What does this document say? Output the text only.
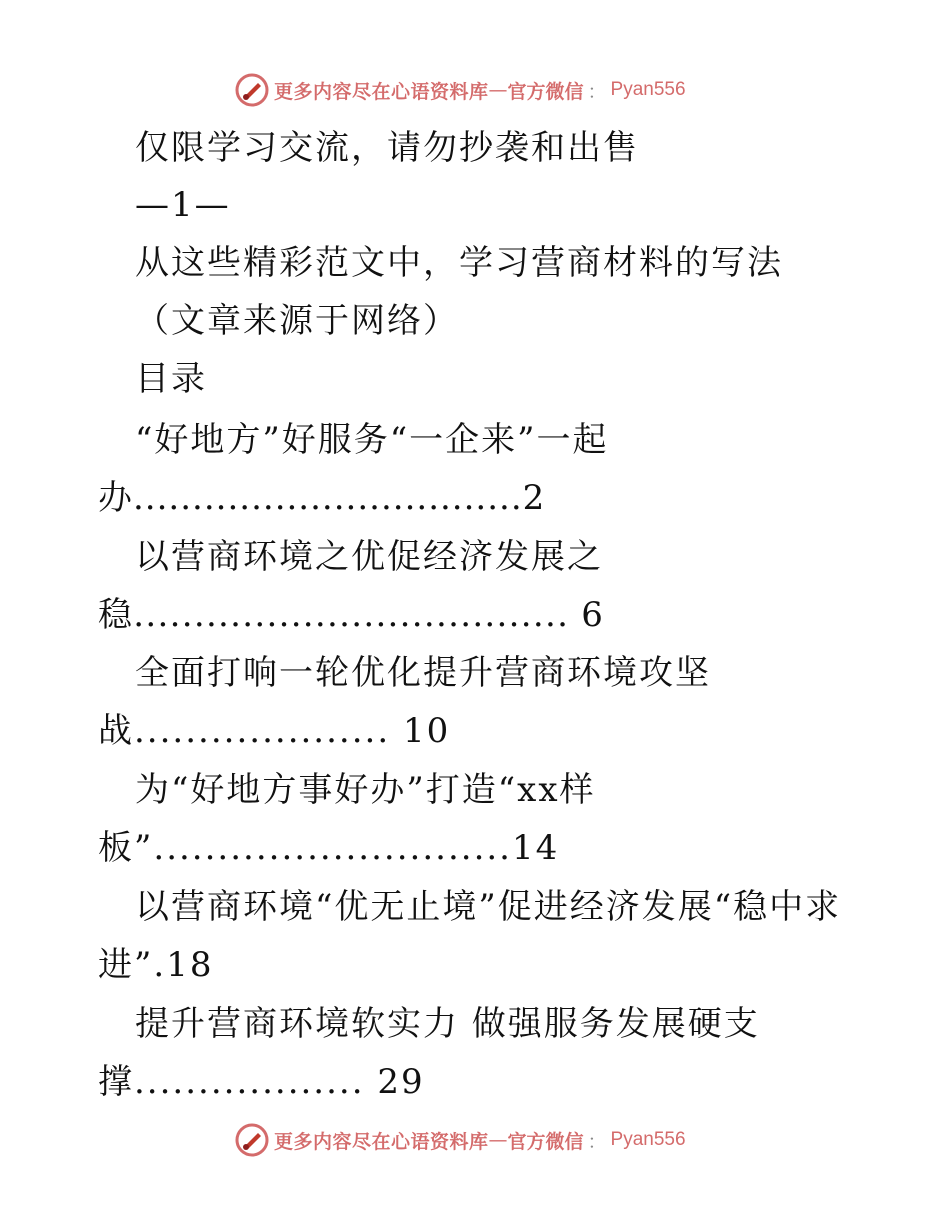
更多内容尽在心语资料库 — 官方微信 ： Pyan556
仅限学习交流，请勿抄袭和出售
—1—
从这些精彩范文中，学习营商材料的写法
（文章来源于网络）
目录
“好地方”好服务“一企来”一起
办.................................2
以营商环境之优促经济发展之
稳.................................... 6
全面打响一轮优化提升营商环境攻坚
战.................... 10
为“好地方事好办”打造“xx样
板”............................14
以营商环境“优无止境”促进经济发展“稳中求
进”.18
提升营商环境软实力 做强服务发展硬支
撑.................. 29
更多内容尽在心语资料库 — 官方微信 ： Pyan556
